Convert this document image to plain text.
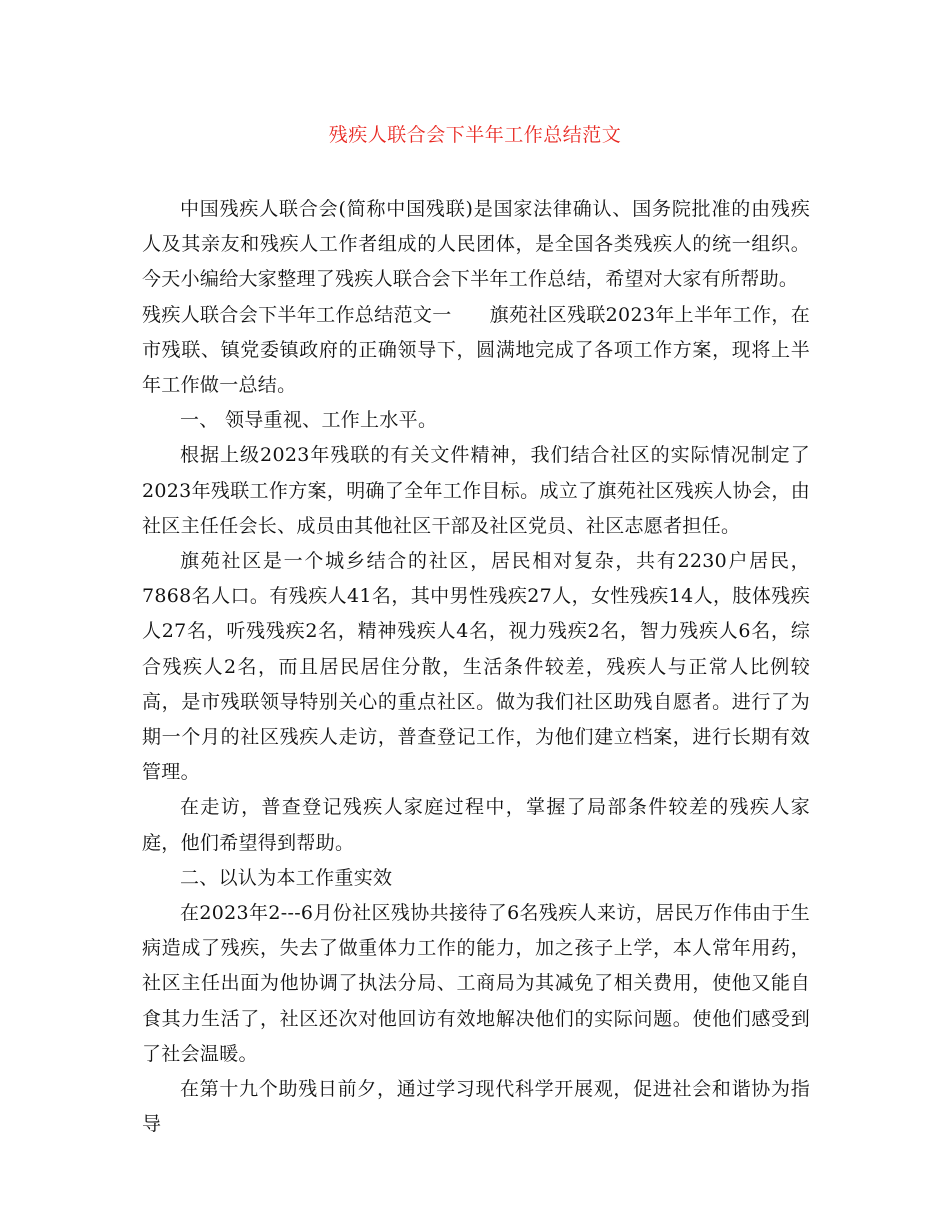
残疾人联合会下半年工作总结范文

中国残疾人联合会(简称中国残联)是国家法律确认、国务院批准的由残疾人及其亲友和残疾人工作者组成的人民团体，是全国各类残疾人的统一组织。今天小编给大家整理了残疾人联合会下半年工作总结，希望对大家有所帮助。

残疾人联合会下半年工作总结范文一 旗苑社区残联2023年上半年工作，在市残联、镇党委镇政府的正确领导下，圆满地完成了各项工作方案，现将上半年工作做一总结。

一、 领导重视、工作上水平。

根据上级2023年残联的有关文件精神，我们结合社区的实际情况制定了2023年残联工作方案，明确了全年工作目标。成立了旗苑社区残疾人协会，由社区主任任会长、成员由其他社区干部及社区党员、社区志愿者担任。

旗苑社区是一个城乡结合的社区，居民相对复杂，共有2230户居民，7868名人口。有残疾人41名，其中男性残疾27人，女性残疾14人，肢体残疾人27名，听残残疾2名，精神残疾人4名，视力残疾2名，智力残疾人6名，综合残疾人2名，而且居民居住分散，生活条件较差，残疾人与正常人比例较高，是市残联领导特别关心的重点社区。做为我们社区助残自愿者。进行了为期一个月的社区残疾人走访，普查登记工作，为他们建立档案，进行长期有效管理。

在走访，普查登记残疾人家庭过程中，掌握了局部条件较差的残疾人家庭，他们希望得到帮助。

二、以认为本工作重实效

在2023年2---6月份社区残协共接待了6名残疾人来访，居民万作伟由于生病造成了残疾，失去了做重体力工作的能力，加之孩子上学，本人常年用药，社区主任出面为他协调了执法分局、工商局为其减免了相关费用，使他又能自食其力生活了，社区还次对他回访有效地解决他们的实际问题。使他们感受到了社会温暖。

在第十九个助残日前夕，通过学习现代科学开展观，促进社会和谐协为指导
